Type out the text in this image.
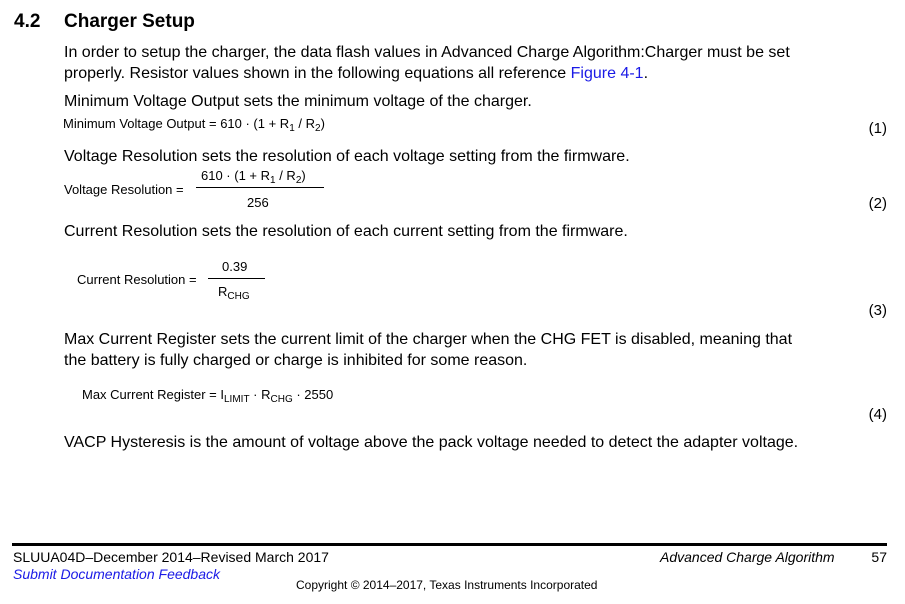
4.2 Charger Setup
In order to setup the charger, the data flash values in Advanced Charge Algorithm:Charger must be set
properly. Resistor values shown in the following equations all reference Figure 4-1.
Minimum Voltage Output sets the minimum voltage of the charger.
Minimum Voltage Output = $610 \cdot (1 + R_1 / R_2)$	(1)
Voltage Resolution sets the resolution of each voltage setting from the firmware.
Voltage Resolution =
$610 \cdot (1 + R_1 / R_2)$
256	(2)
Current Resolution sets the resolution of each current setting from the firmware.
Current Resolution =
0.39
$R_{CHG}$
(3)
Max Current Register sets the current limit of the charger when the CHG FET is disabled, meaning that
the battery is fully charged or charge is inhibited for some reason.
Max Current Register = $I_{LIMIT} \cdot R_{CHG} \cdot 2550$
(4)
VACP Hysteresis is the amount of voltage above the pack voltage needed to detect the adapter voltage.
SLUUA04D–December 2014–Revised March 2017
Submit Documentation Feedback
Advanced Charge Algorithm	57
Copyright © 2014–2017, Texas Instruments Incorporated
